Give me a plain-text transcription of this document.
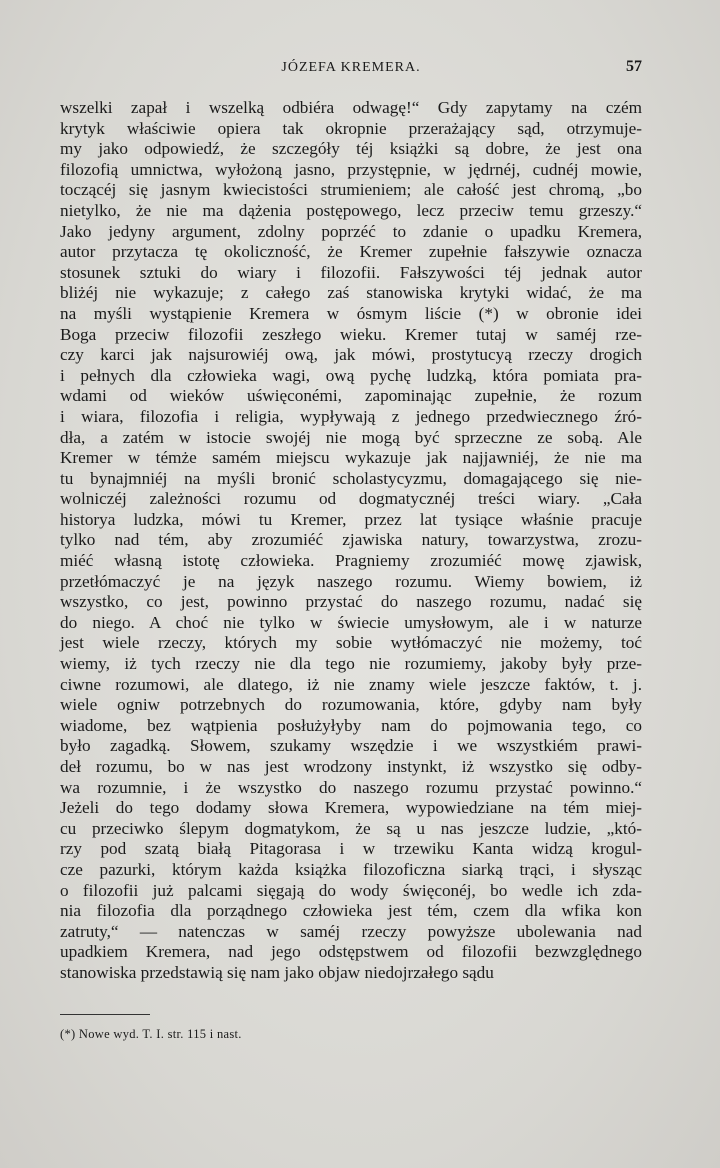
JÓZEFA KREMERA.	57
wszelki zapał i wszelką odbiéra odwagę!“ Gdy zapytamy na czém
krytyk właściwie opiera tak okropnie przerażający sąd, otrzymuje-
my jako odpowiedź, że szczegóły téj książki są dobre, że jest ona
filozofią umnictwa, wyłożoną jasno, przystępnie, w jędrnéj, cudnéj mowie,
toczącéj się jasnym kwiecistości strumieniem; ale całość jest chromą, „bo
nietylko, że nie ma dążenia postępowego, lecz przeciw temu grzeszy.“
Jako jedyny argument, zdolny poprzéć to zdanie o upadku Kremera,
autor przytacza tę okoliczność, że Kremer zupełnie fałszywie oznacza
stosunek sztuki do wiary i filozofii. Fałszywości téj jednak autor
bliżéj nie wykazuje; z całego zaś stanowiska krytyki widać, że ma
na myśli wystąpienie Kremera w ósmym liście (*) w obronie idei
Boga przeciw filozofii zeszłego wieku. Kremer tutaj w saméj rze-
czy karci jak najsurowiéj ową, jak mówi, prostytucyą rzeczy drogich
i pełnych dla człowieka wagi, ową pychę ludzką, która pomiata pra-
wdami od wieków uświęconémi, zapominając zupełnie, że rozum
i wiara, filozofia i religia, wypływają z jednego przedwiecznego źró-
dła, a zatém w istocie swojéj nie mogą być sprzeczne ze sobą. Ale
Kremer w témże samém miejscu wykazuje jak najjawniéj, że nie ma
tu bynajmniéj na myśli bronić scholastycyzmu, domagającego się nie-
wolniczéj zależności rozumu od dogmatycznéj treści wiary. „Cała
historya ludzka, mówi tu Kremer, przez lat tysiące właśnie pracuje
tylko nad tém, aby zrozumiéć zjawiska natury, towarzystwa, zrozu-
miéć własną istotę człowieka. Pragniemy zrozumiéć mowę zjawisk,
przetłómaczyć je na język naszego rozumu. Wiemy bowiem, iż
wszystko, co jest, powinno przystać do naszego rozumu, nadać się
do niego. A choć nie tylko w świecie umysłowym, ale i w naturze
jest wiele rzeczy, których my sobie wytłómaczyć nie możemy, toć
wiemy, iż tych rzeczy nie dla tego nie rozumiemy, jakoby były prze-
ciwne rozumowi, ale dlatego, iż nie znamy wiele jeszcze faktów, t. j.
wiele ogniw potrzebnych do rozumowania, które, gdyby nam były
wiadome, bez wątpienia posłużyłyby nam do pojmowania tego, co
było zagadką. Słowem, szukamy wszędzie i we wszystkiém prawi-
deł rozumu, bo w nas jest wrodzony instynkt, iż wszystko się odby-
wa rozumnie, i że wszystko do naszego rozumu przystać powinno.“
Jeżeli do tego dodamy słowa Kremera, wypowiedziane na tém miej-
cu przeciwko ślepym dogmatykom, że są u nas jeszcze ludzie, „któ-
rzy pod szatą białą Pitagorasa i w trzewiku Kanta widzą krogul-
cze pazurki, którym każda książka filozoficzna siarką trąci, i słysząc
o filozofii już palcami sięgają do wody święconéj, bo wedle ich zda-
nia filozofia dla porządnego człowieka jest tém, czem dla wfika kon
zatruty,“ — natenczas w saméj rzeczy powyższe ubolewania nad
upadkiem Kremera, nad jego odstępstwem od filozofii bezwzględnego
stanowiska przedstawią się nam jako objaw niedojrzałego sądu
(*) Nowe wyd. T. I. str. 115 i nast.
